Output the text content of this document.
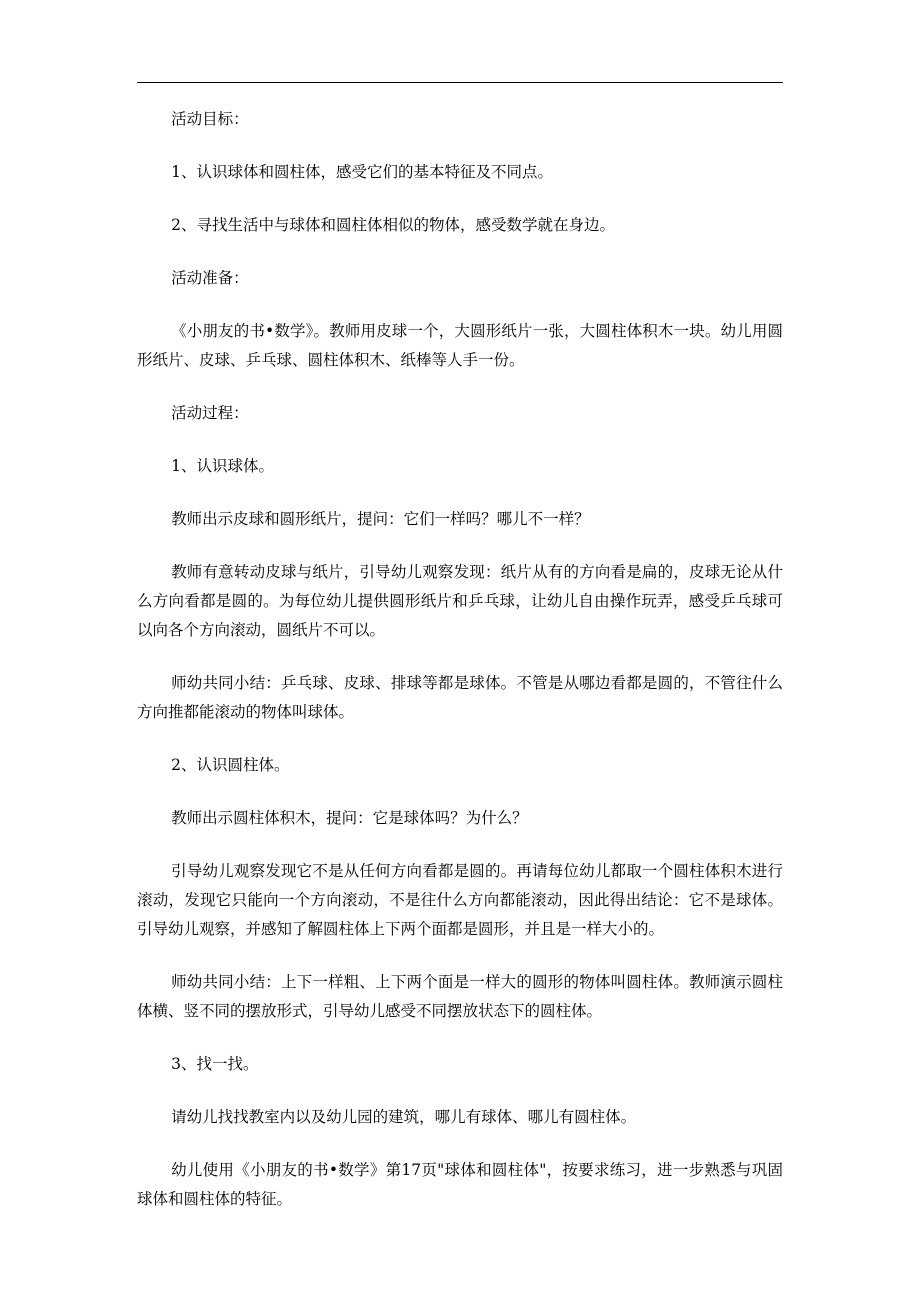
活动目标：

1、认识球体和圆柱体，感受它们的基本特征及不同点。

2、寻找生活中与球体和圆柱体相似的物体，感受数学就在身边。

活动准备：

《小朋友的书•数学》。教师用皮球一个，大圆形纸片一张，大圆柱体积木一块。幼儿用圆形纸片、皮球、乒乓球、圆柱体积木、纸棒等人手一份。

活动过程：

1、认识球体。

教师出示皮球和圆形纸片，提问：它们一样吗？哪儿不一样？

教师有意转动皮球与纸片，引导幼儿观察发现：纸片从有的方向看是扁的，皮球无论从什么方向看都是圆的。为每位幼儿提供圆形纸片和乒乓球，让幼儿自由操作玩弄，感受乒乓球可以向各个方向滚动，圆纸片不可以。

师幼共同小结：乒乓球、皮球、排球等都是球体。不管是从哪边看都是圆的，不管往什么方向推都能滚动的物体叫球体。

2、认识圆柱体。

教师出示圆柱体积木，提问：它是球体吗？为什么？

引导幼儿观察发现它不是从任何方向看都是圆的。再请每位幼儿都取一个圆柱体积木进行滚动，发现它只能向一个方向滚动，不是往什么方向都能滚动，因此得出结论：它不是球体。引导幼儿观察，并感知了解圆柱体上下两个面都是圆形，并且是一样大小的。

师幼共同小结：上下一样粗、上下两个面是一样大的圆形的物体叫圆柱体。教师演示圆柱体横、竖不同的摆放形式，引导幼儿感受不同摆放状态下的圆柱体。

3、找一找。

请幼儿找找教室内以及幼儿园的建筑，哪儿有球体、哪儿有圆柱体。

幼儿使用《小朋友的书•数学》第17页"球体和圆柱体"，按要求练习，进一步熟悉与巩固球体和圆柱体的特征。
